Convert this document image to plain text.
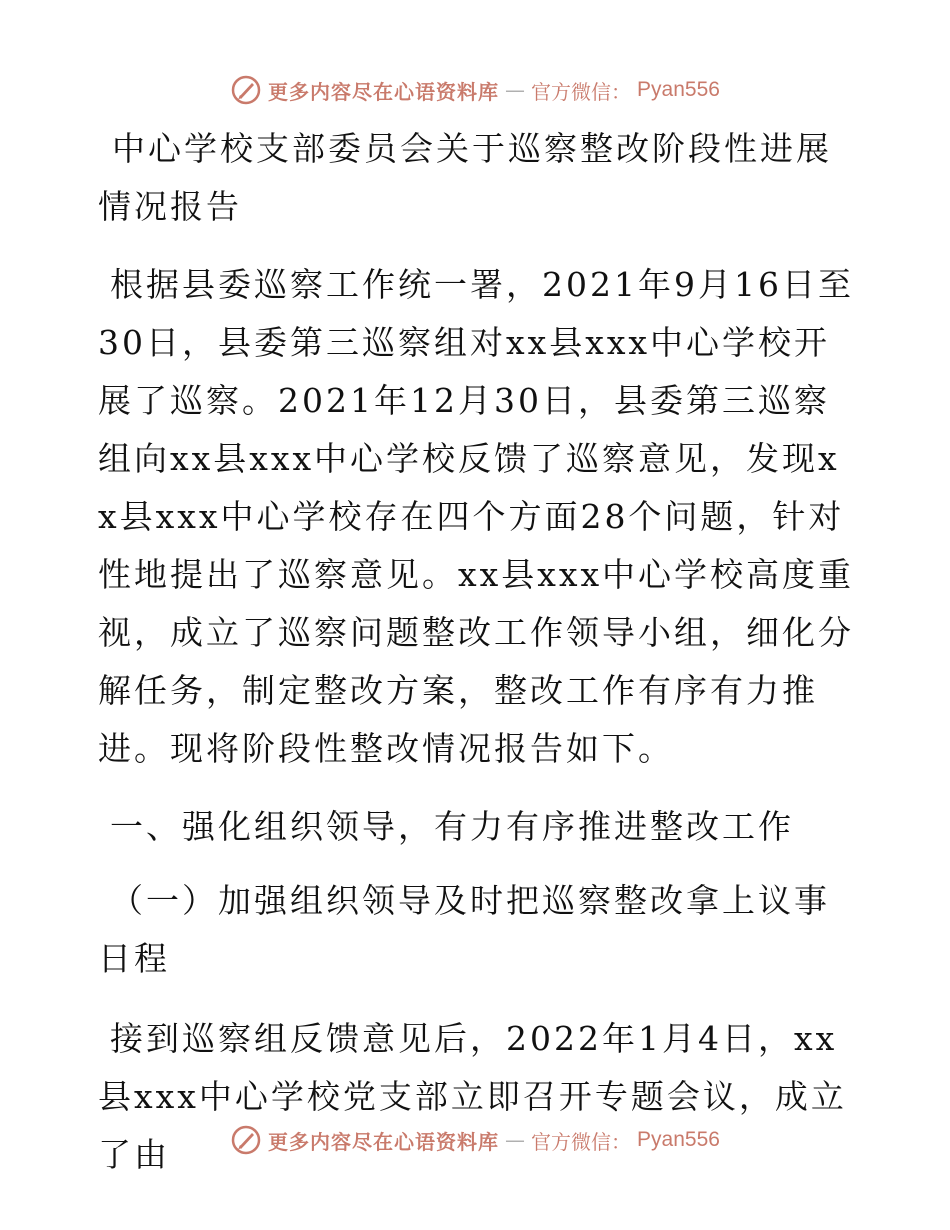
更多内容尽在心语资料库 — 官方微信： Pyan556

中心学校支部委员会关于巡察整改阶段性进展情况报告

根据县委巡察工作统一署，2021年9月16日至30日，县委第三巡察组对xx县xxx中心学校开展了巡察。2021年12月30日，县委第三巡察组向xx县xxx中心学校反馈了巡察意见，发现xx县xxx中心学校存在四个方面28个问题，针对性地提出了巡察意见。xx县xxx中心学校高度重视，成立了巡察问题整改工作领导小组，细化分解任务，制定整改方案，整改工作有序有力推进。现将阶段性整改情况报告如下。

一、强化组织领导，有力有序推进整改工作

（一）加强组织领导及时把巡察整改拿上议事日程

接到巡察组反馈意见后，2022年1月4日，xx县xxx中心学校党支部立即召开专题会议，成立了由	更多内容尽在心语资料库 — 官方微信： Pyan556
